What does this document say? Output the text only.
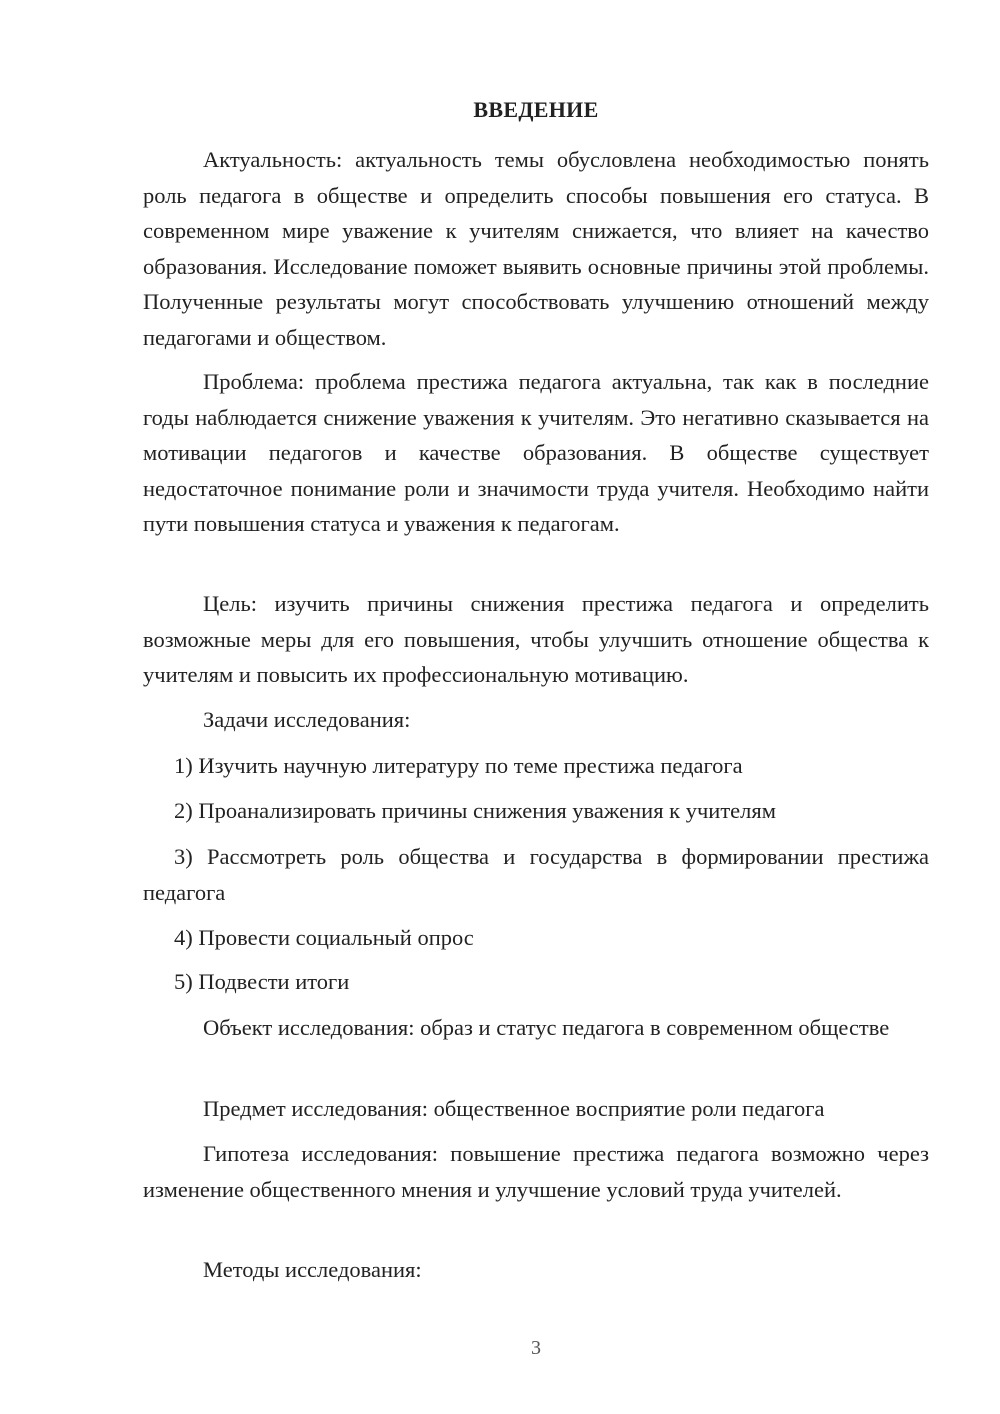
ВВЕДЕНИЕ

Актуальность: актуальность темы обусловлена необходимостью понять роль педагога в обществе и определить способы повышения его статуса. В современном мире уважение к учителям снижается, что влияет на качество образования. Исследование поможет выявить основные причины этой проблемы. Полученные результаты могут способствовать улучшению отношений между педагогами и обществом.

Проблема: проблема престижа педагога актуальна, так как в последние годы наблюдается снижение уважения к учителям. Это негативно сказывается на мотивации педагогов и качестве образования. В обществе существует недостаточное понимание роли и значимости труда учителя. Необходимо найти пути повышения статуса и уважения к педагогам.

Цель: изучить причины снижения престижа педагога и определить возможные меры для его повышения, чтобы улучшить отношение общества к учителям и повысить их профессиональную мотивацию.

Задачи исследования:

1) Изучить научную литературу по теме престижа педагога

2) Проанализировать причины снижения уважения к учителям

3) Рассмотреть роль общества и государства в формировании престижа педагога

4) Провести социальный опрос

5) Подвести итоги

Объект исследования: образ и статус педагога в современном обществе

Предмет исследования: общественное восприятие роли педагога

Гипотеза исследования: повышение престижа педагога возможно через изменение общественного мнения и улучшение условий труда учителей.

Методы исследования:

3
